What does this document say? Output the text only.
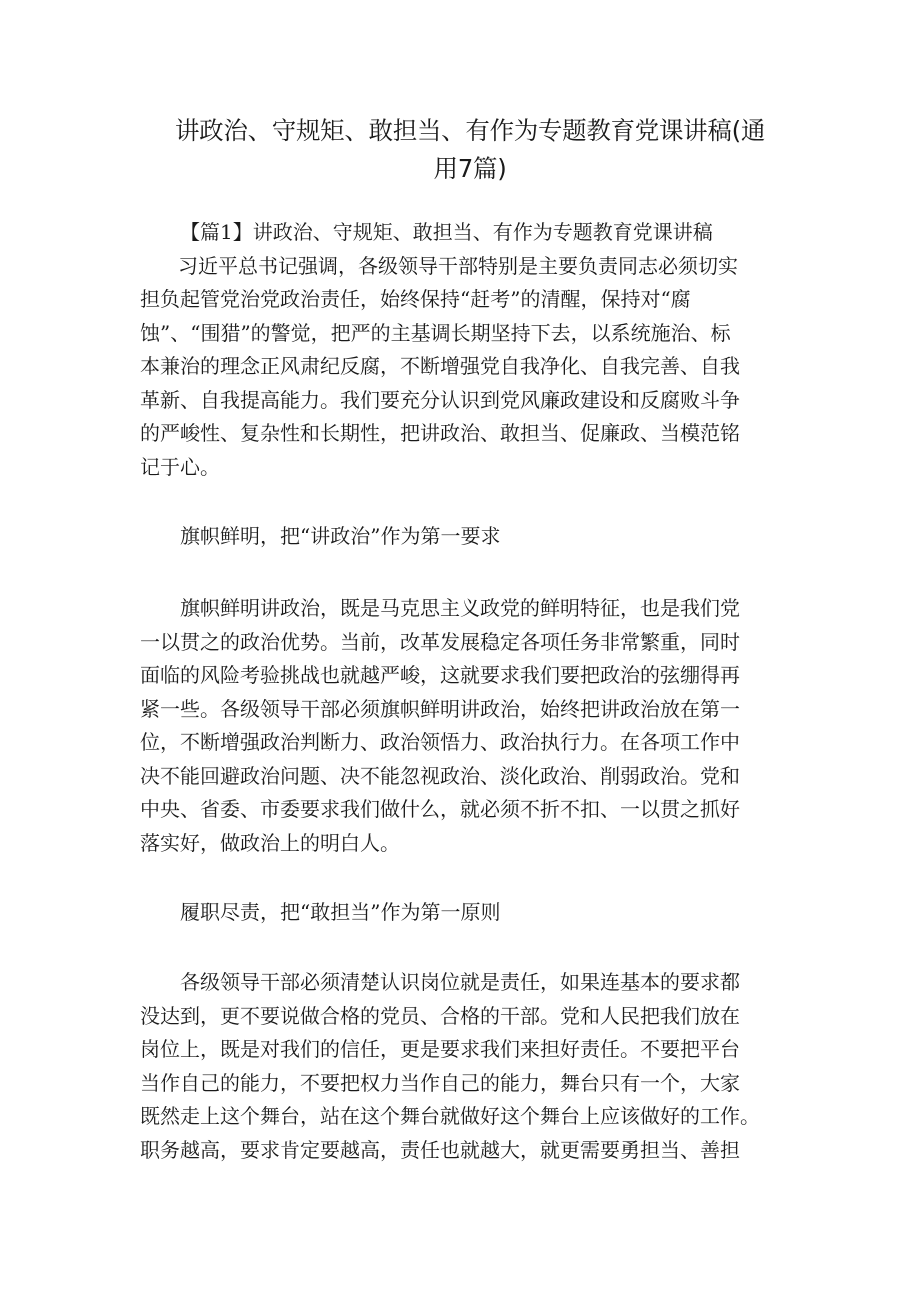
讲政治、守规矩、敢担当、有作为专题教育党课讲稿(通
用7篇)
【篇1】讲政治、守规矩、敢担当、有作为专题教育党课讲稿
习近平总书记强调，各级领导干部特别是主要负责同志必须切实
担负起管党治党政治责任，始终保持“赶考”的清醒，保持对“腐
蚀”、“围猎”的警觉，把严的主基调长期坚持下去，以系统施治、标
本兼治的理念正风肃纪反腐，不断增强党自我净化、自我完善、自我
革新、自我提高能力。我们要充分认识到党风廉政建设和反腐败斗争
的严峻性、复杂性和长期性，把讲政治、敢担当、促廉政、当模范铭
记于心。
旗帜鲜明，把“讲政治”作为第一要求
旗帜鲜明讲政治，既是马克思主义政党的鲜明特征，也是我们党
一以贯之的政治优势。当前，改革发展稳定各项任务非常繁重，同时
面临的风险考验挑战也就越严峻，这就要求我们要把政治的弦绷得再
紧一些。各级领导干部必须旗帜鲜明讲政治，始终把讲政治放在第一
位，不断增强政治判断力、政治领悟力、政治执行力。在各项工作中
决不能回避政治问题、决不能忽视政治、淡化政治、削弱政治。党和
中央、省委、市委要求我们做什么，就必须不折不扣、一以贯之抓好
落实好，做政治上的明白人。
履职尽责，把“敢担当”作为第一原则
各级领导干部必须清楚认识岗位就是责任，如果连基本的要求都
没达到，更不要说做合格的党员、合格的干部。党和人民把我们放在
岗位上，既是对我们的信任，更是要求我们来担好责任。不要把平台
当作自己的能力，不要把权力当作自己的能力，舞台只有一个，大家
既然走上这个舞台，站在这个舞台就做好这个舞台上应该做好的工作。
职务越高，要求肯定要越高，责任也就越大，就更需要勇担当、善担
